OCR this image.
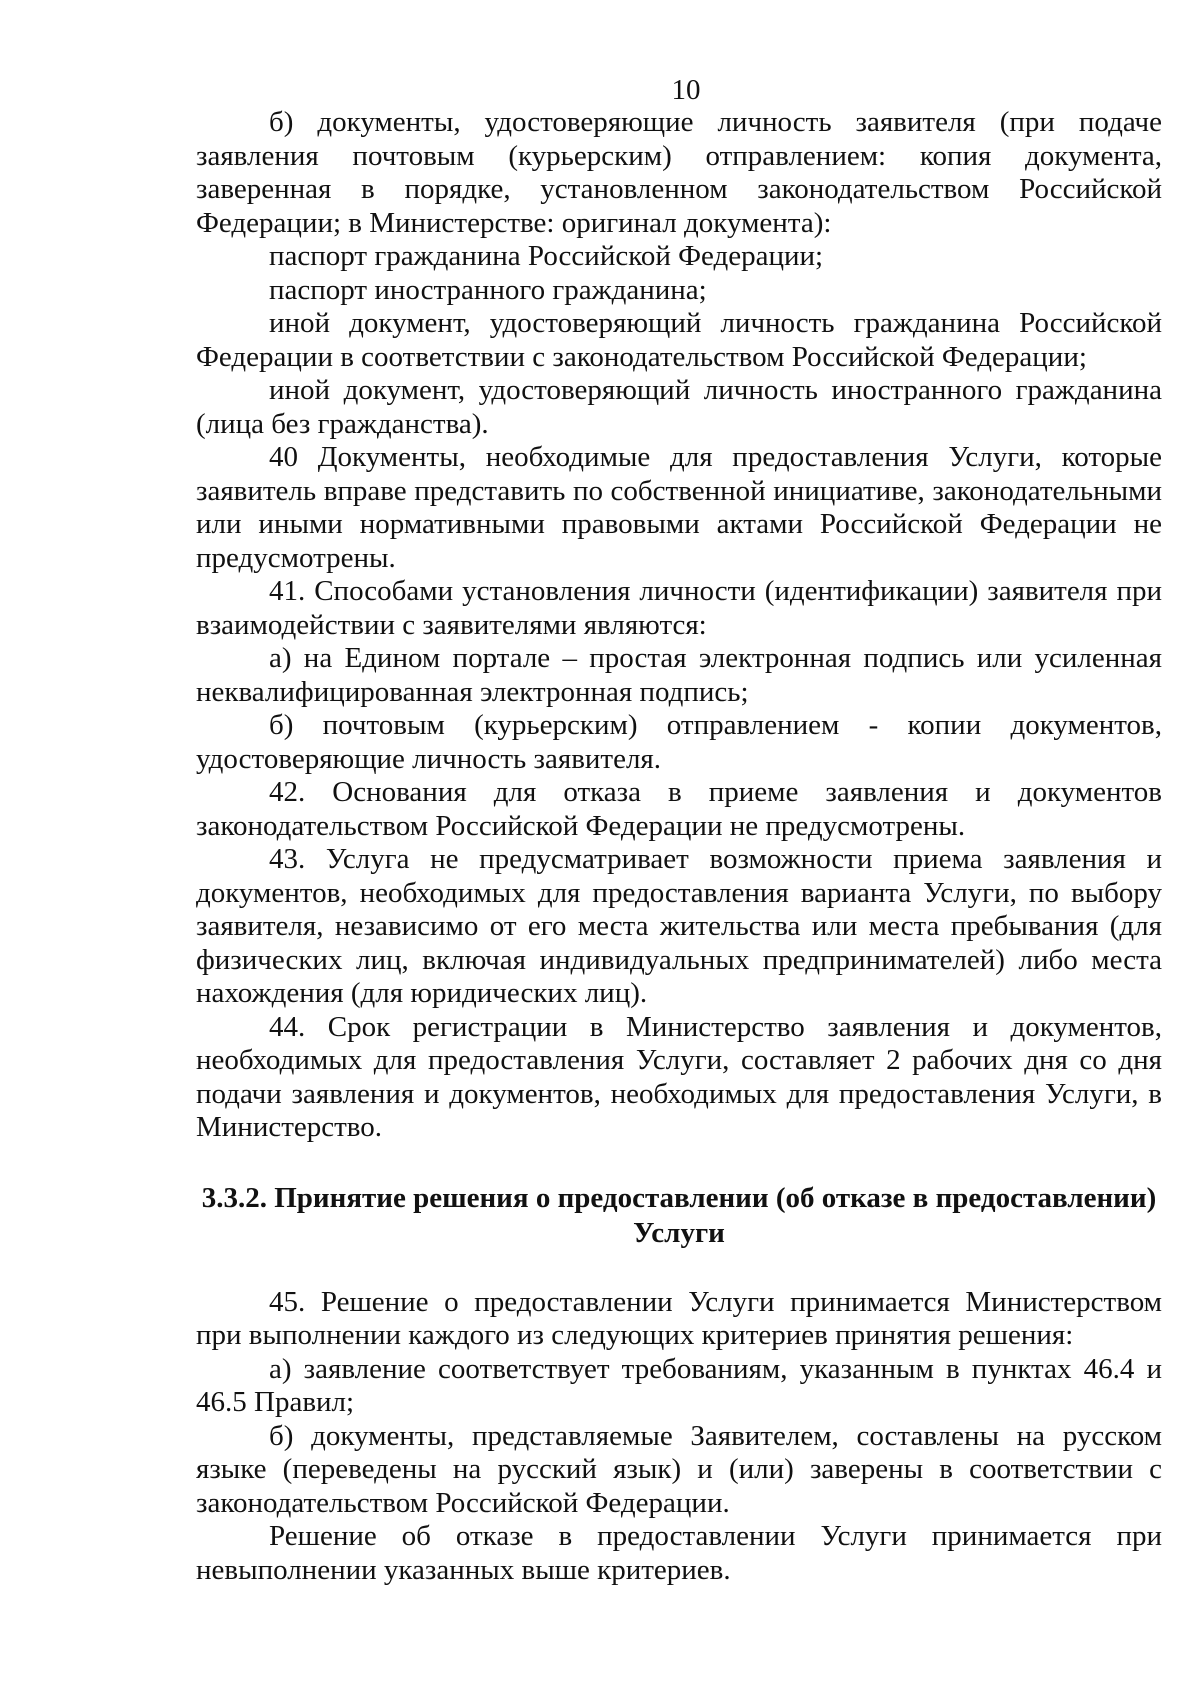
10

б) документы, удостоверяющие личность заявителя (при подаче заявления почтовым (курьерским) отправлением: копия документа, заверенная в порядке, установленном законодательством Российской Федерации; в Министерстве: оригинал документа):

паспорт гражданина Российской Федерации;

паспорт иностранного гражданина;

иной документ, удостоверяющий личность гражданина Российской Федерации в соответствии с законодательством Российской Федерации;

иной документ, удостоверяющий личность иностранного гражданина (лица без гражданства).

40 Документы, необходимые для предоставления Услуги, которые заявитель вправе представить по собственной инициативе, законодательными или иными нормативными правовыми актами Российской Федерации не предусмотрены.

41. Способами установления личности (идентификации) заявителя при взаимодействии с заявителями являются:

а) на Едином портале – простая электронная подпись или усиленная неквалифицированная электронная подпись;

б) почтовым (курьерским) отправлением - копии документов, удостоверяющие личность заявителя.

42. Основания для отказа в приеме заявления и документов законодательством Российской Федерации не предусмотрены.

43. Услуга не предусматривает возможности приема заявления и документов, необходимых для предоставления варианта Услуги, по выбору заявителя, независимо от его места жительства или места пребывания (для физических лиц, включая индивидуальных предпринимателей) либо места нахождения (для юридических лиц).

44. Срок регистрации в Министерство заявления и документов, необходимых для предоставления Услуги, составляет 2 рабочих дня со дня подачи заявления и документов, необходимых для предоставления Услуги, в Министерство.

3.3.2. Принятие решения о предоставлении (об отказе в предоставлении)
Услуги

45. Решение о предоставлении Услуги принимается Министерством при выполнении каждого из следующих критериев принятия решения:

а) заявление соответствует требованиям, указанным в пунктах 46.4 и 46.5 Правил;

б) документы, представляемые Заявителем, составлены на русском языке (переведены на русский язык) и (или) заверены в соответствии с законодательством Российской Федерации.

Решение об отказе в предоставлении Услуги принимается при невыполнении указанных выше критериев.
